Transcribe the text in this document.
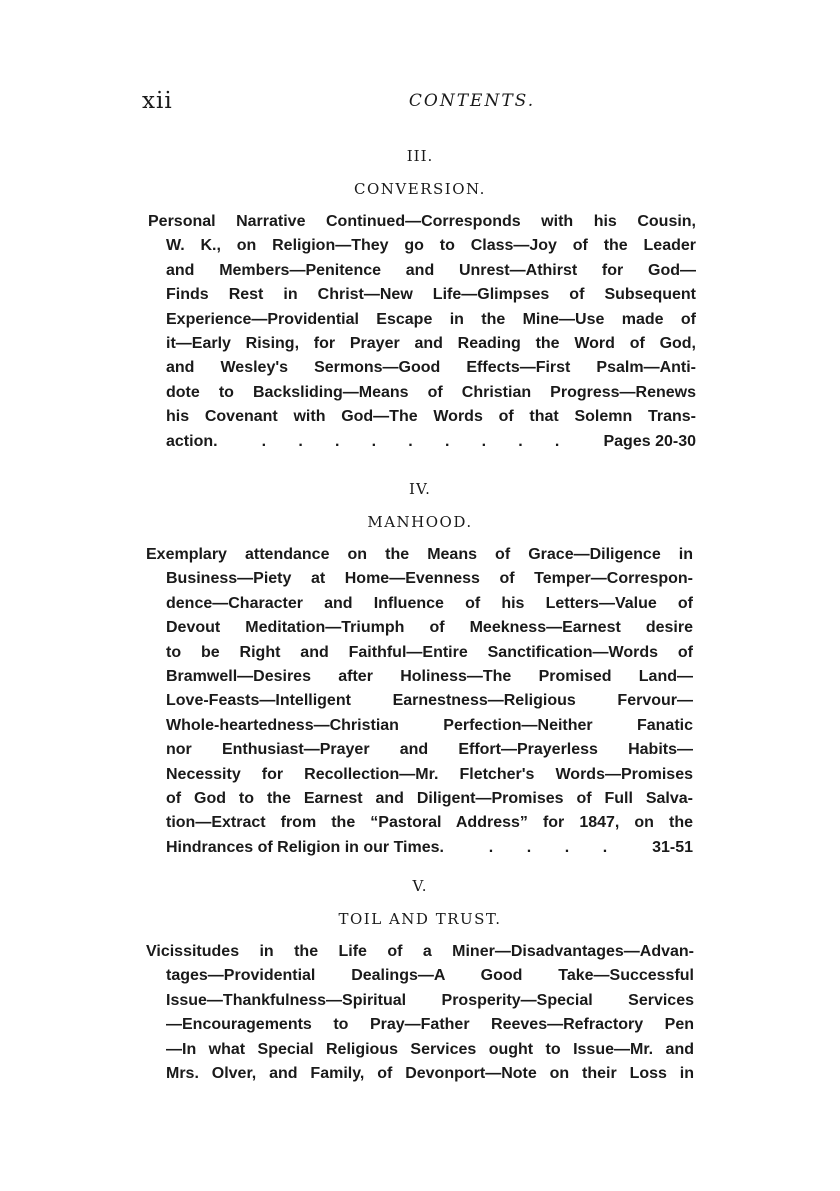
xii	CONTENTS.
III.
CONVERSION.
Personal Narrative Continued—Corresponds with his Cousin,
W. K., on Religion—They go to Class—Joy of the Leader
and Members—Penitence and Unrest—Athirst for God—
Finds Rest in Christ—New Life—Glimpses of Subsequent
Experience—Providential Escape in the Mine—Use made of
it—Early Rising, for Prayer and Reading the Word of God,
and Wesley's Sermons—Good Effects—First Psalm—Anti-
dote to Backsliding—Means of Christian Progress—Renews
his Covenant with God—The Words of that Solemn Trans-
action.	. . . . . . . . .	Pages 20-30
IV.
MANHOOD.
Exemplary attendance on the Means of Grace—Diligence in
Business—Piety at Home—Evenness of Temper—Correspon-
dence—Character and Influence of his Letters—Value of
Devout Meditation—Triumph of Meekness—Earnest desire
to be Right and Faithful—Entire Sanctification—Words of
Bramwell—Desires after Holiness—The Promised Land—
Love-Feasts—Intelligent Earnestness—Religious Fervour—
Whole-heartedness—Christian Perfection—Neither Fanatic
nor Enthusiast—Prayer and Effort—Prayerless Habits—
Necessity for Recollection—Mr. Fletcher's Words—Promises
of God to the Earnest and Diligent—Promises of Full Salva-
tion—Extract from the “Pastoral Address” for 1847, on the
Hindrances of Religion in our Times.	. . . .	31-51
V.
TOIL AND TRUST.
Vicissitudes in the Life of a Miner—Disadvantages—Advan-
tages—Providential Dealings—A Good Take—Successful
Issue—Thankfulness—Spiritual Prosperity—Special Services
—Encouragements to Pray—Father Reeves—Refractory Pen
—In what Special Religious Services ought to Issue—Mr. and
Mrs. Olver, and Family, of Devonport—Note on their Loss in
